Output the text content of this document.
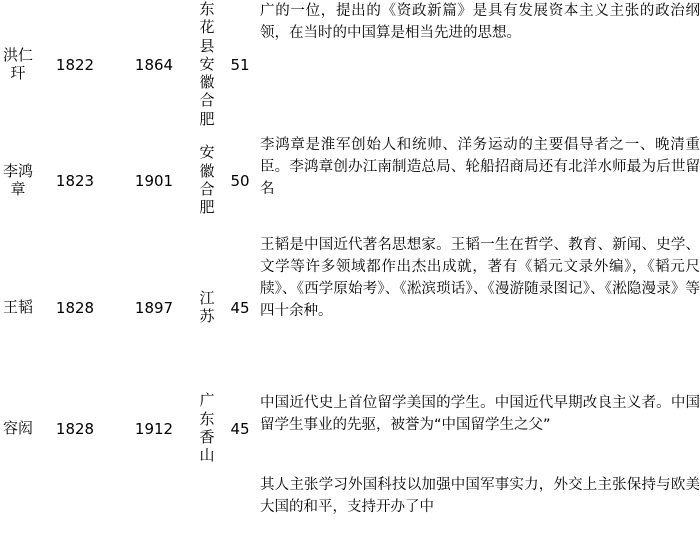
洪仁玕	1822	1864	东花县安徽合肥	51	广的一位，提出的《资政新篇》是具有发展资本主义主张的政治纲领，在当时的中国算是相当先进的思想。

李鸿章	1823	1901	安徽合肥	50	李鸿章是淮军创始人和统帅、洋务运动的主要倡导者之一、晚清重臣。李鸿章创办江南制造总局、轮船招商局还有北洋水师最为后世留名

王韬	1828	1897	江苏	45	王韬是中国近代著名思想家。王韬一生在哲学、教育、新闻、史学、文学等许多领域都作出杰出成就，著有《韬元文录外编》，《韬元尺牍》、《西学原始考》、《淞滨琐话》、《漫游随录图记》、《淞隐漫录》等四十余种。

容闳	1828	1912	广东香山	45	中国近代史上首位留学美国的学生。中国近代早期改良主义者。中国留学生事业的先驱，被誉为“中国留学生之父”

					其人主张学习外国科技以加强中国军事实力，外交上主张保持与欧美大国的和平，支持开办了中
